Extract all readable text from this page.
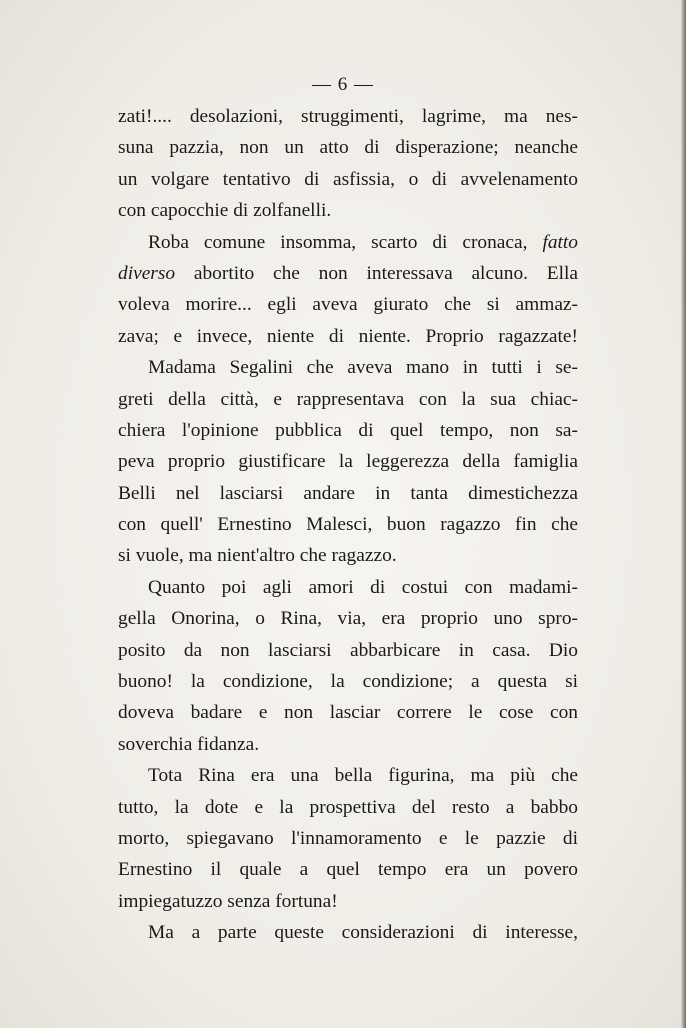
— 6 —
zati!.... desolazioni, struggimenti, lagrime, ma nes-
suna pazzia, non un atto di disperazione; neanche
un volgare tentativo di asfissia, o di avvelenamento
con capocchie di zolfanelli.
Roba comune insomma, scarto di cronaca, fatto
diverso abortito che non interessava alcuno. Ella
voleva morire... egli aveva giurato che si ammaz-
zava; e invece, niente di niente. Proprio ragazzate!
Madama Segalini che aveva mano in tutti i se-
greti della città, e rappresentava con la sua chiac-
chiera l'opinione pubblica di quel tempo, non sa-
peva proprio giustificare la leggerezza della famiglia
Belli nel lasciarsi andare in tanta dimestichezza
con quell' Ernestino Malesci, buon ragazzo fin che
si vuole, ma nient'altro che ragazzo.
Quanto poi agli amori di costui con madami-
gella Onorina, o Rina, via, era proprio uno spro-
posito da non lasciarsi abbarbicare in casa. Dio
buono! la condizione, la condizione; a questa si
doveva badare e non lasciar correre le cose con
soverchia fidanza.
Tota Rina era una bella figurina, ma più che
tutto, la dote e la prospettiva del resto a babbo
morto, spiegavano l'innamoramento e le pazzie di
Ernestino il quale a quel tempo era un povero
impiegatuzzo senza fortuna!
Ma a parte queste considerazioni di interesse,
